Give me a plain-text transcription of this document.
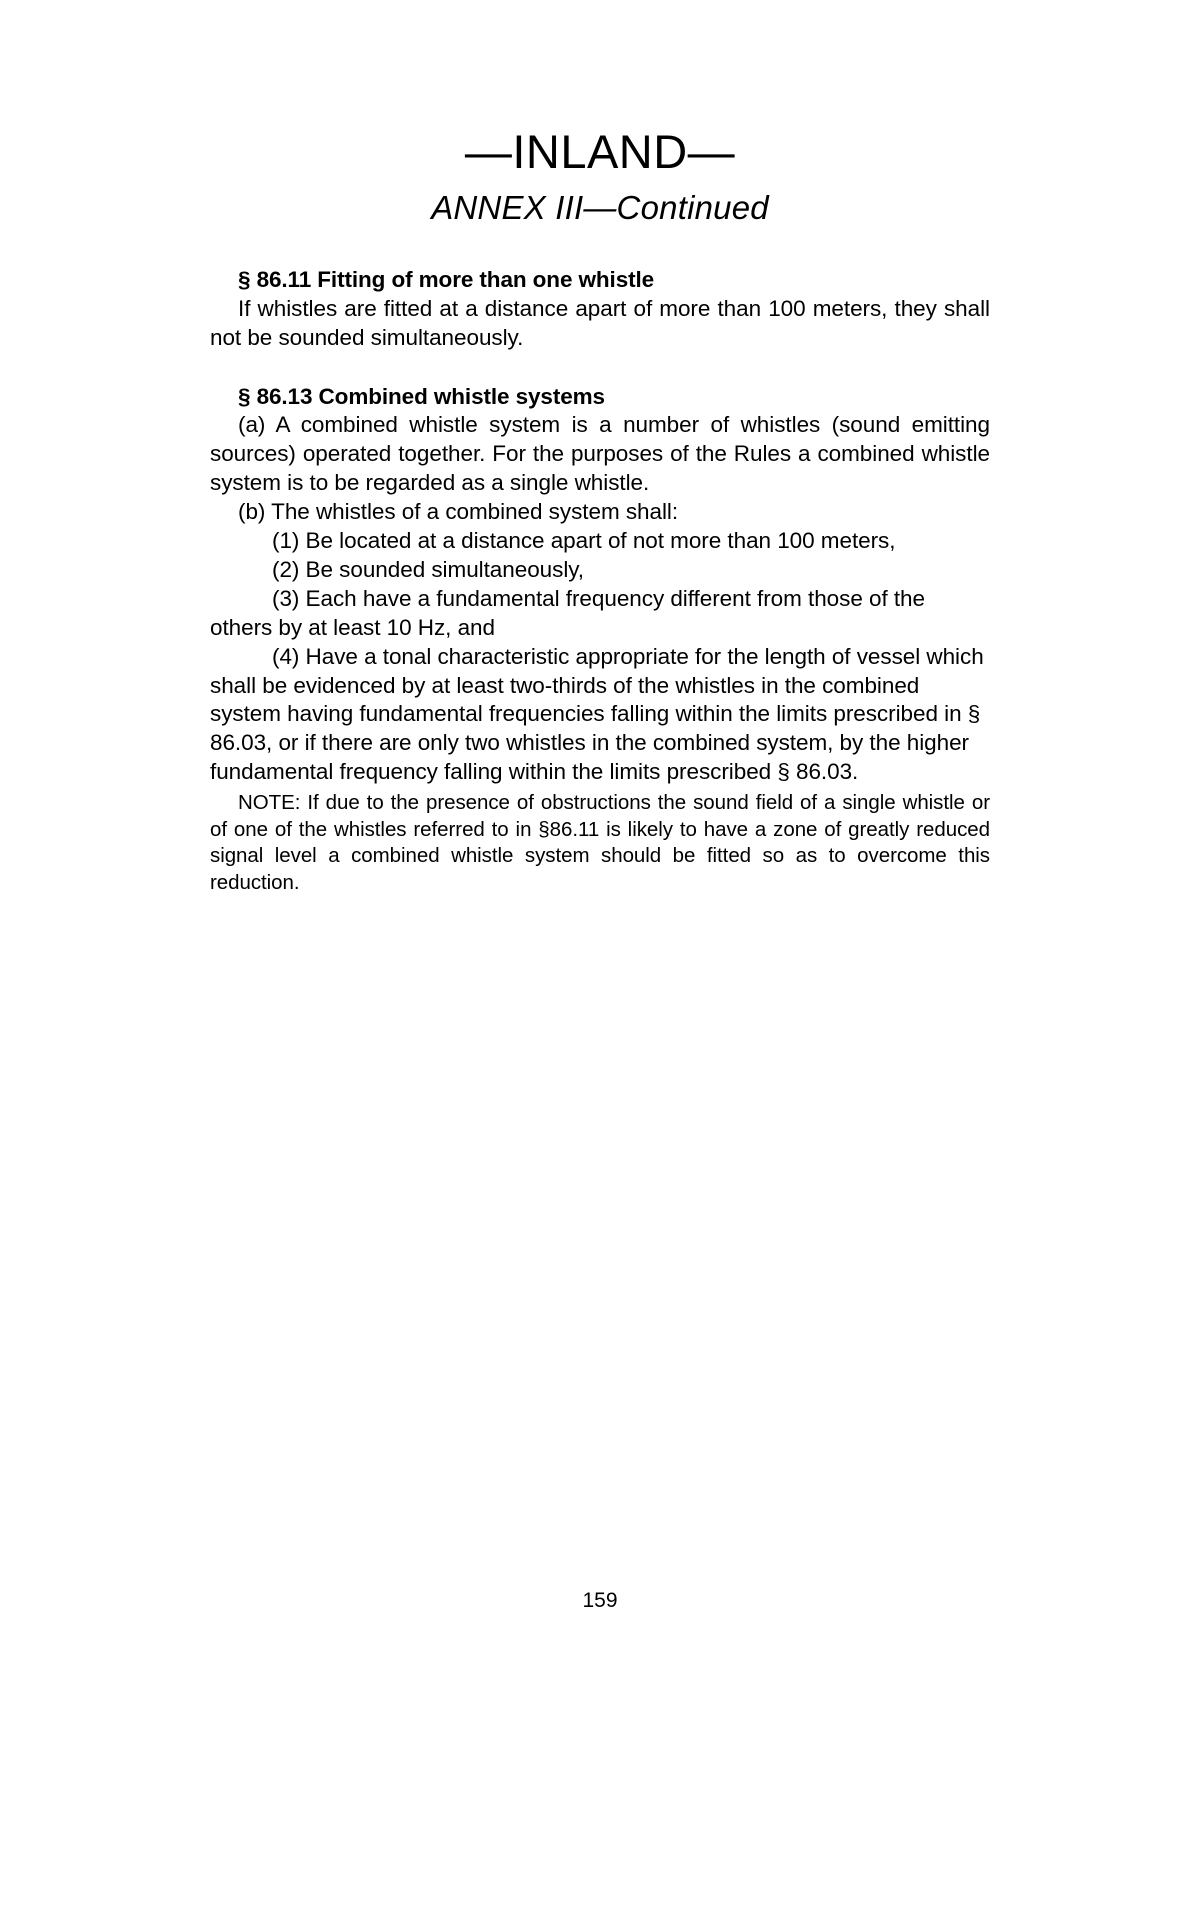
—INLAND—
ANNEX III—Continued
§ 86.11 Fitting of more than one whistle

If whistles are fitted at a distance apart of more than 100 meters, they shall not be sounded simultaneously.

§ 86.13 Combined whistle systems

(a) A combined whistle system is a number of whistles (sound emitting sources) operated together. For the purposes of the Rules a combined whistle system is to be regarded as a single whistle.

(b) The whistles of a combined system shall:

(1) Be located at a distance apart of not more than 100 meters,

(2) Be sounded simultaneously,

(3) Each have a fundamental frequency different from those of the others by at least 10 Hz, and

(4) Have a tonal characteristic appropriate for the length of vessel which shall be evidenced by at least two-thirds of the whistles in the combined system having fundamental frequencies falling within the limits prescribed in § 86.03, or if there are only two whistles in the combined system, by the higher fundamental frequency falling within the limits prescribed § 86.03.

NOTE: If due to the presence of obstructions the sound field of a single whistle or of one of the whistles referred to in §86.11 is likely to have a zone of greatly reduced signal level a combined whistle system should be fitted so as to overcome this reduction.

159
